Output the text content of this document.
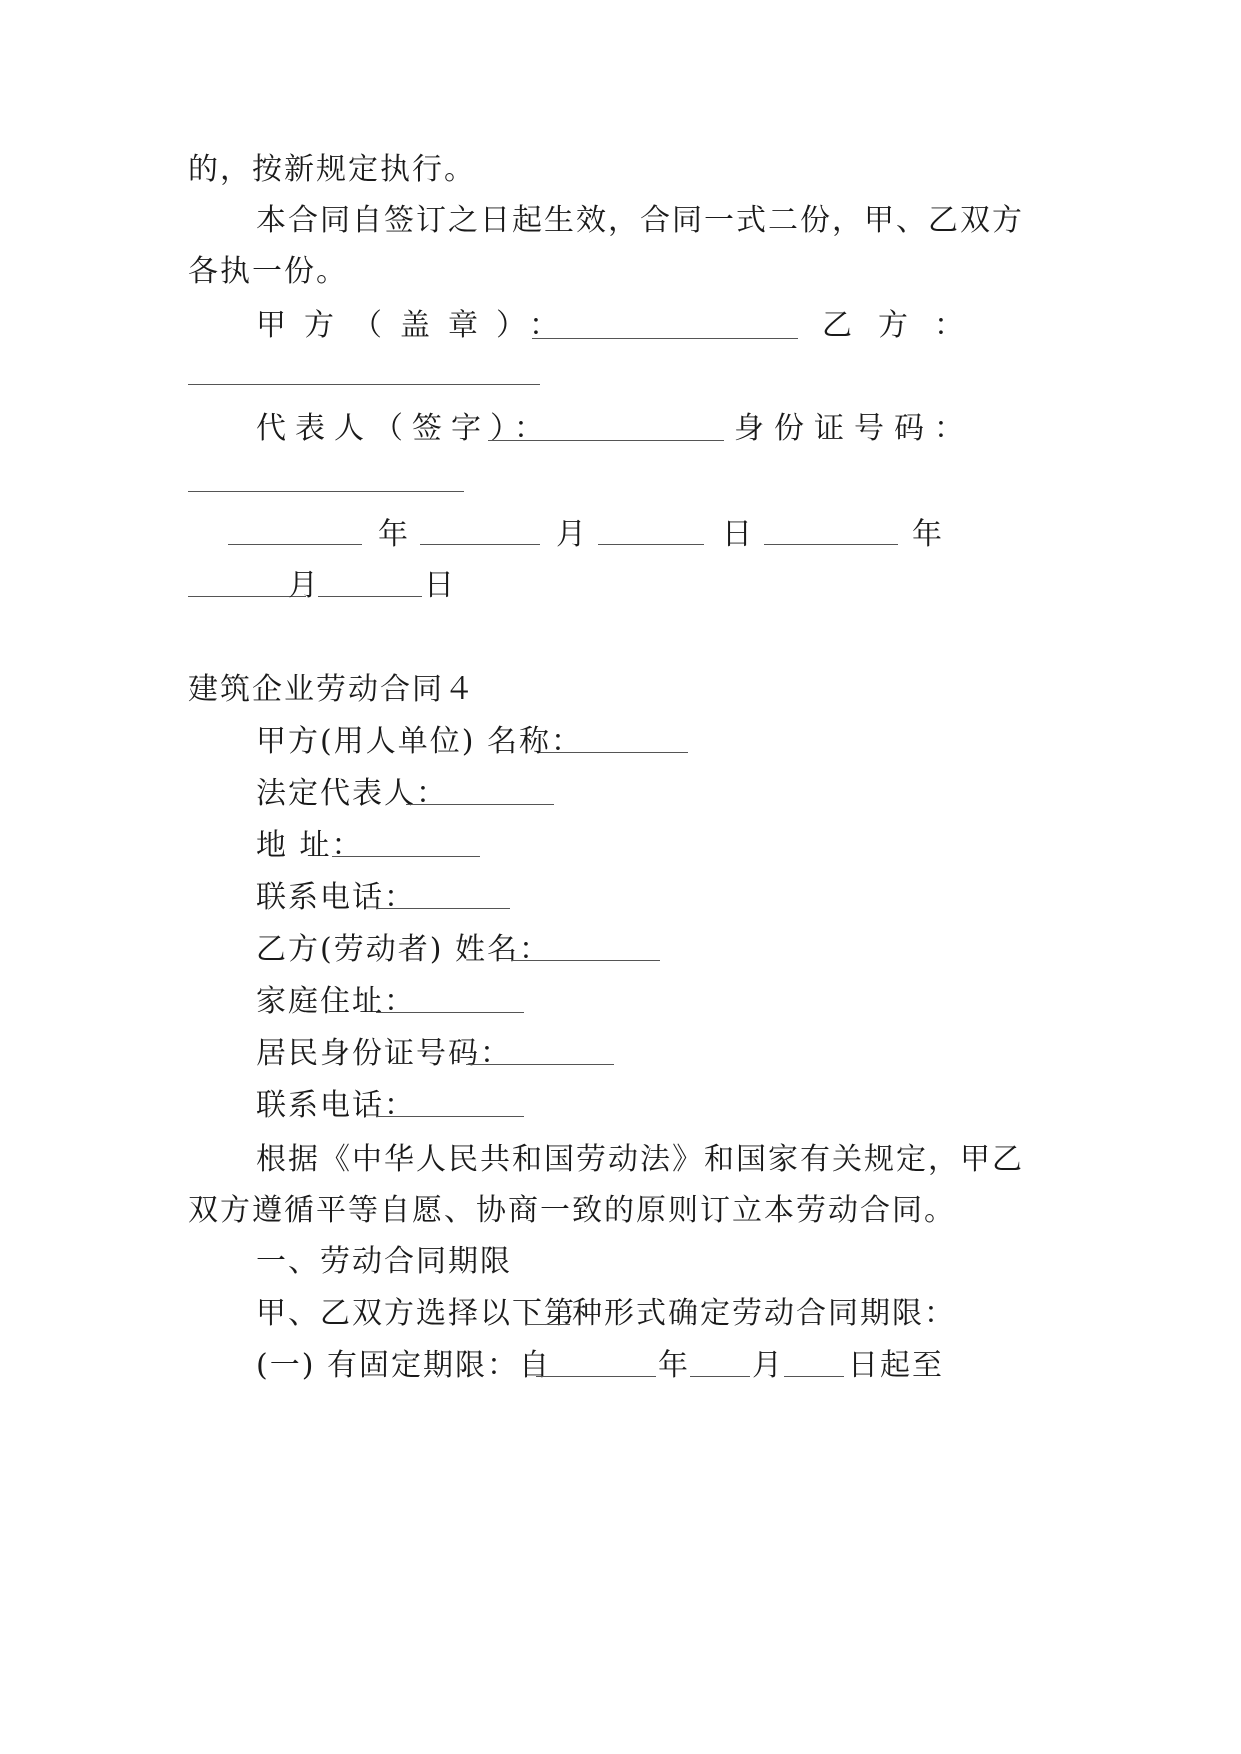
的，按新规定执行。
本合同自签订之日起生效，合同一式二份，甲、乙双方
各执一份。
甲方（盖章）：	乙方：
代表人（签字）：	身份证号码：
年	月	日	年
月	日
建筑企业劳动合同４
甲方(用人单位) 名称：
法定代表人：
地 址：
联系电话：
乙方(劳动者) 姓名：
家庭住址：
居民身份证号码：
联系电话：
根据《中华人民共和国劳动法》和国家有关规定，甲乙
双方遵循平等自愿、协商一致的原则订立本劳动合同。
一、劳动合同期限
甲、乙双方选择以下第
种形式确定劳动合同期限：
(一) 有固定期限：自	年 月 日起至
